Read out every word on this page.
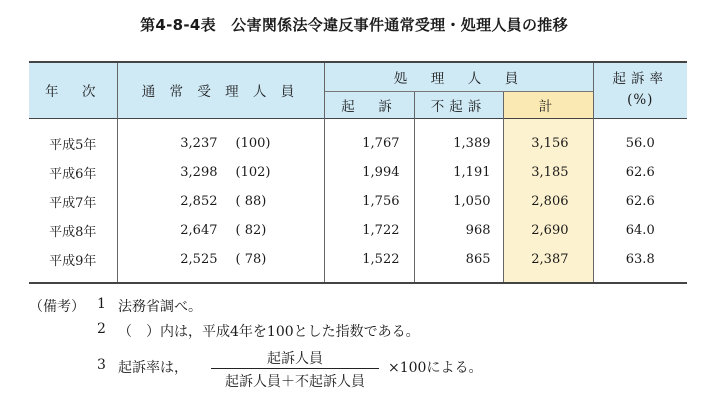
第4-8-4表　公害関係法令違反事件通常受理・処理人員の推移
年　次	通 常 受 理 人 員	処　理　人　員			起訴率
(%)
		起　訴	不起訴	計	
平成5年	3,237 (100)	1,767	1,389	3,156	56.0
平成6年	3,298 (102)	1,994	1,191	3,185	62.6
平成7年	2,852 ( 88)	1,756	1,050	2,806	62.6
平成8年	2,647 ( 82)	1,722	968	2,690	64.0
平成9年	2,525 ( 78)	1,522	865	2,387	63.8
（備考） 1 法務省調べ。
2 （　）内は，平成4年を100とした指数である。
3 起訴率は，	×100による。
起訴人員
起訴人員＋不起訴人員
